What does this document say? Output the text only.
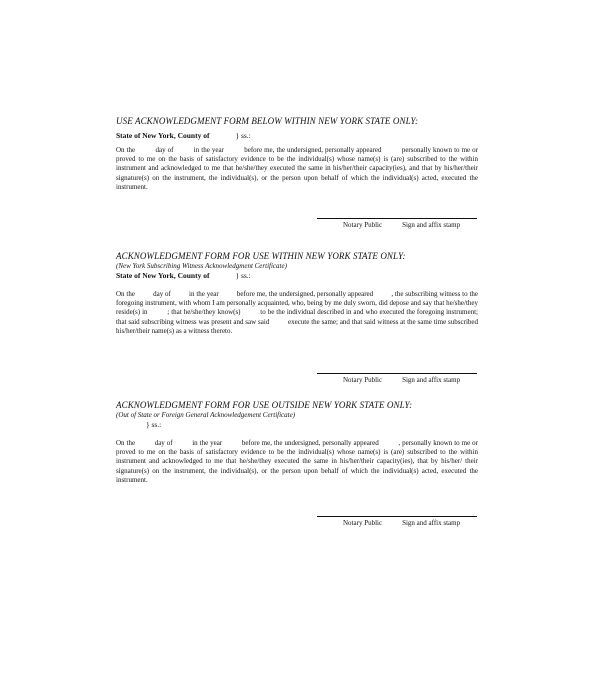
USE ACKNOWLEDGMENT FORM BELOW WITHIN NEW YORK STATE ONLY:
State of New York, County of	} ss.:

On the          day of          in the year          before me, the undersigned, personally appeared          personally known to me or proved to me on the basis of satisfactory evidence to be the individual(s) whose name(s) is (are) subscribed to the within instrument and acknowledged to me that he/she/they executed the same in his/her/their capacity(ies), and that by his/her/their signature(s) on the instrument, the individual(s), or the person upon behalf of which the individual(s) acted, executed the instrument.

Notary Public	Sign and affix stamp
ACKNOWLEDGMENT FORM FOR USE WITHIN NEW YORK STATE ONLY:
(New York Subscribing Witness Acknowledgment Certificate)
State of New York, County of	} ss.:

On the          day of          in the year          before me, the undersigned, personally appeared          , the subscribing witness to the foregoing instrument, with whom I am personally acquainted, who, being by me duly sworn, did depose and say that he/she/they reside(s) in          ; that he/she/they know(s)          to be the individual described in and who executed the foregoing instrument; that said subscribing witness was present and saw said          execute the same; and that said witness at the same time subscribed his/her/their name(s) as a witness thereto.

Notary Public	Sign and affix stamp
ACKNOWLEDGMENT FORM FOR USE OUTSIDE NEW YORK STATE ONLY:
(Out of State or Foreign General Acknowledgement Certificate)
} ss.:

On the          day of          in the year          before me, the undersigned, personally appeared          , personally known to me or proved to me on the basis of satisfactory evidence to be the individual(s) whose name(s) is (are) subscribed to the within instrument and acknowledged to me that he/she/they executed the same in his/her/their capacity(ies), that by his/her/ their signature(s) on the instrument, the individual(s), or the person upon behalf of which the individual(s) acted, executed the instrument.

Notary Public	Sign and affix stamp
